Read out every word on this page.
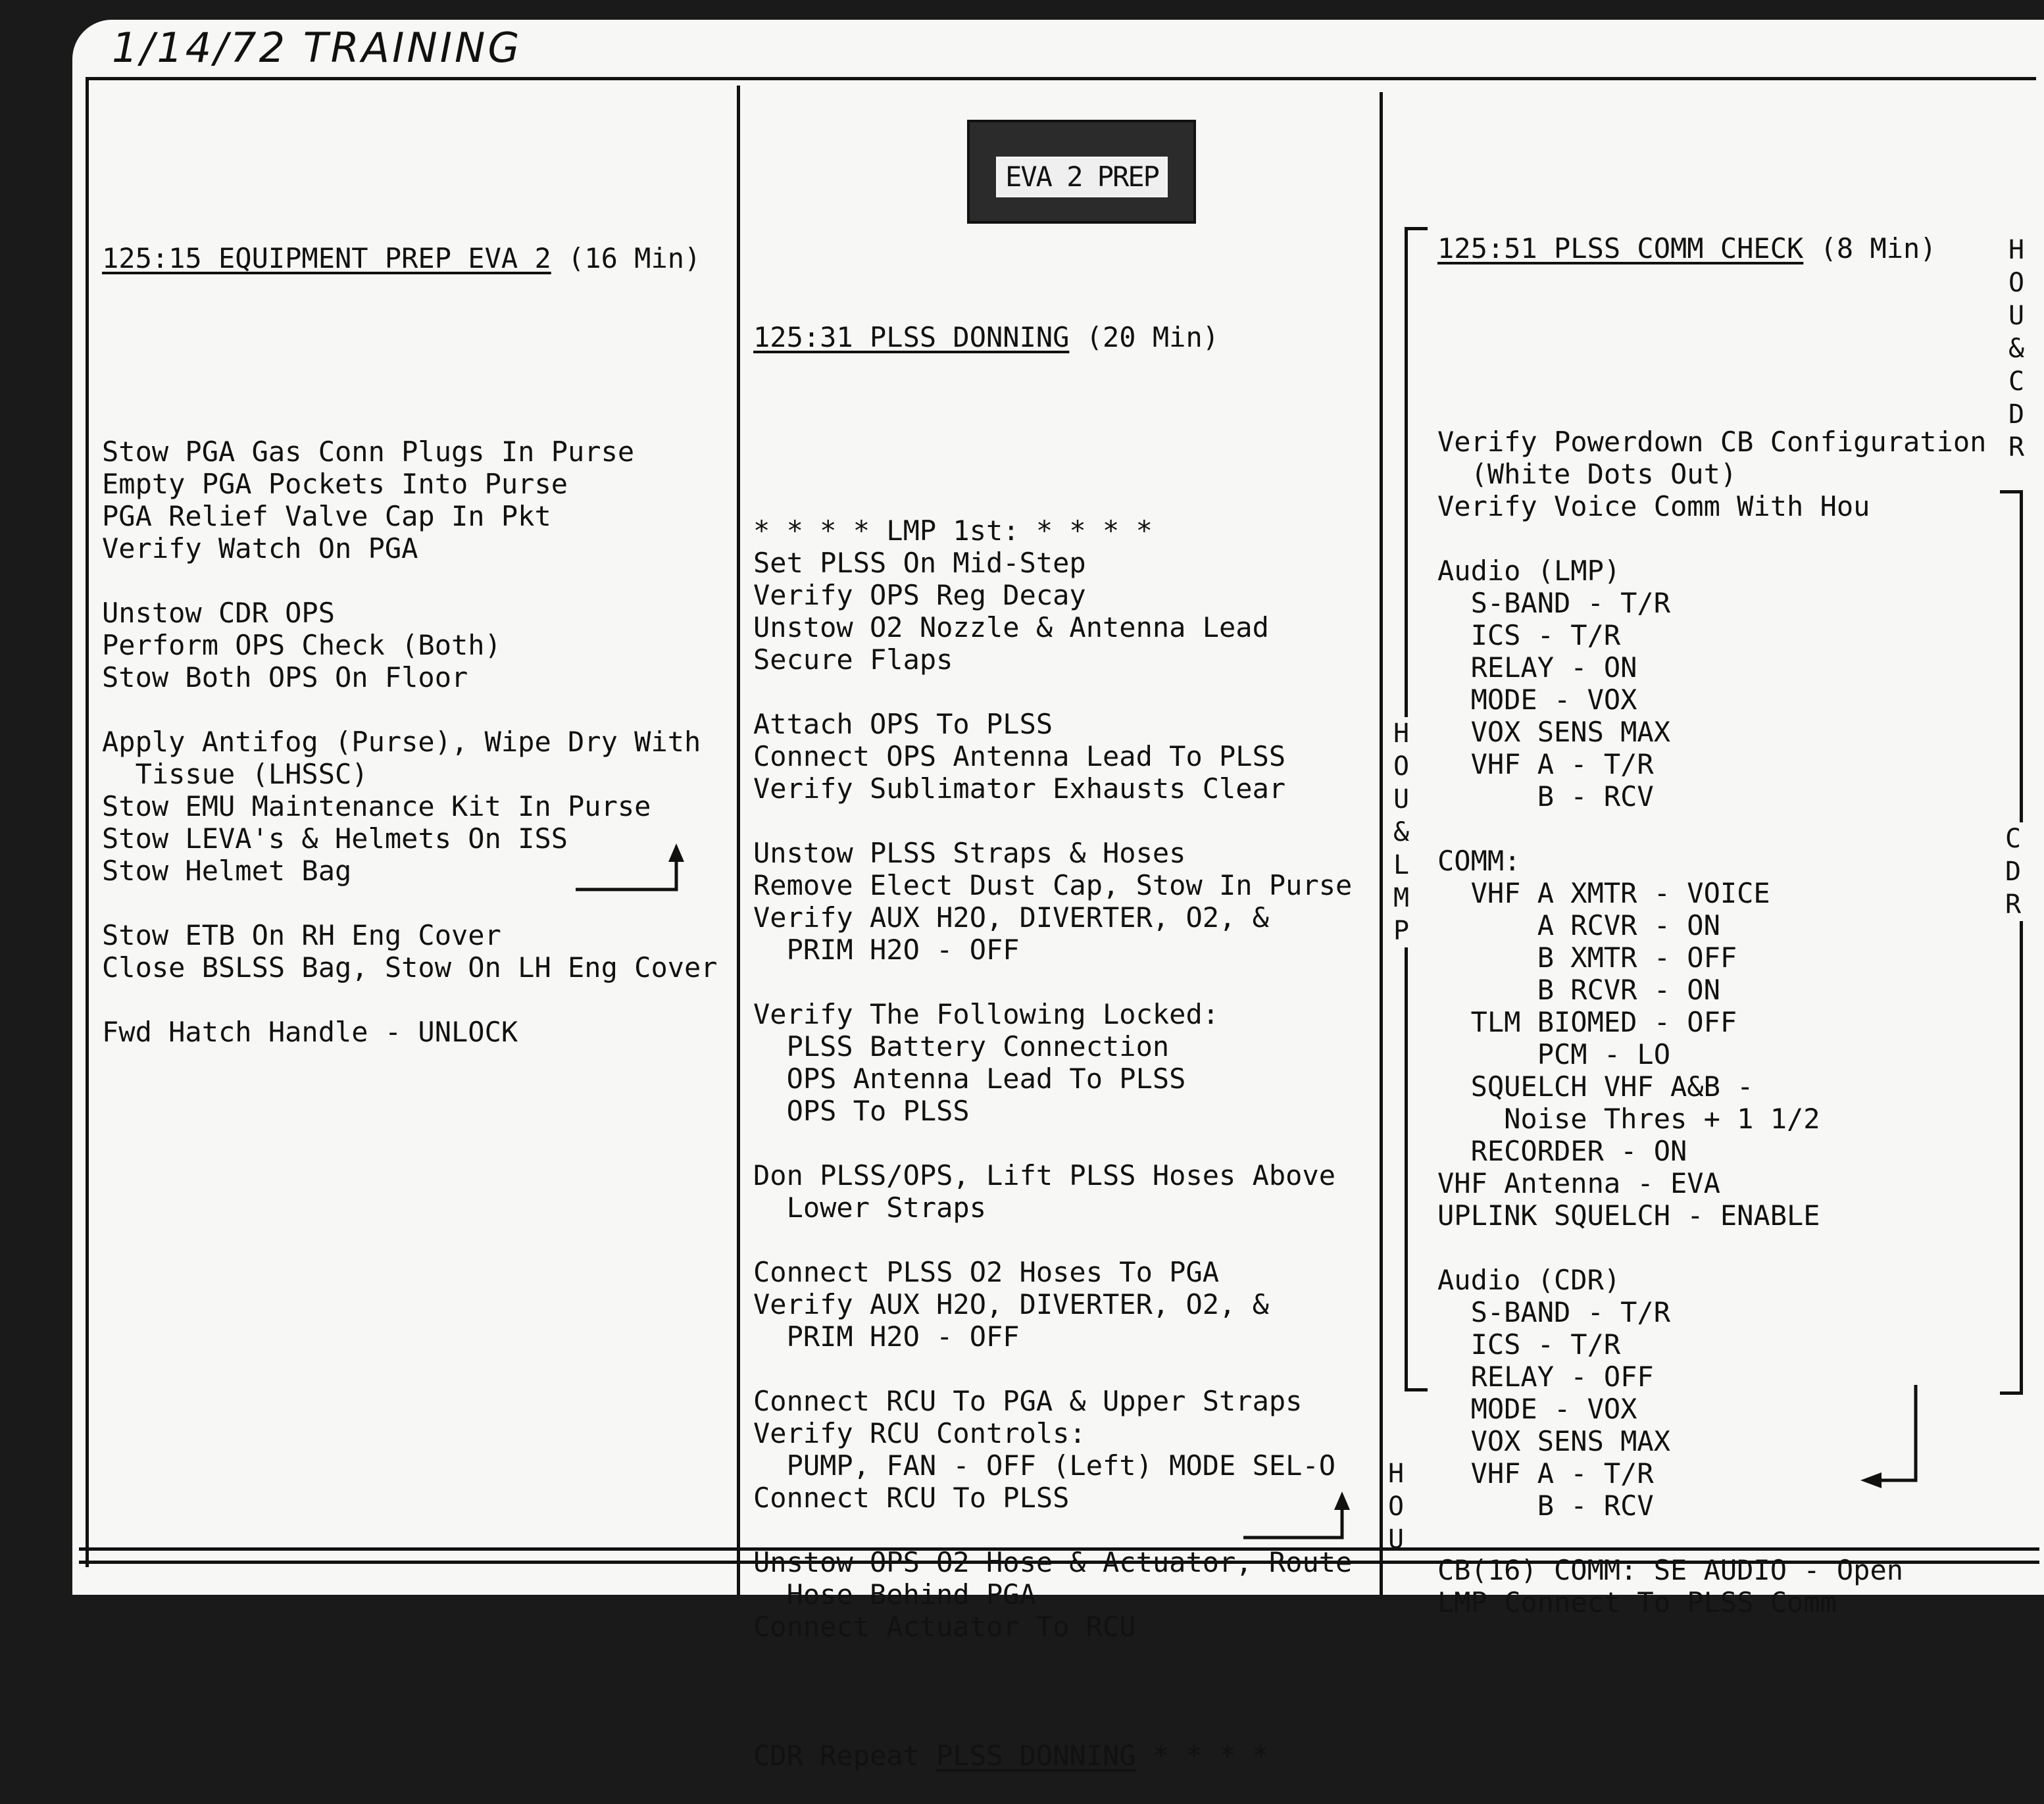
1/14/72 TRAINING
EVA 2 PREP

125:15 EQUIPMENT PREP EVA 2 (16 Min)

Stow PGA Gas Conn Plugs In Purse
Empty PGA Pockets Into Purse
PGA Relief Valve Cap In Pkt
Verify Watch On PGA
Unstow CDR OPS
Perform OPS Check (Both)
Stow Both OPS On Floor
Apply Antifog (Purse), Wipe Dry With
Tissue (LHSSC)
Stow EMU Maintenance Kit In Purse
Stow LEVA's & Helmets On ISS
Stow Helmet Bag
Stow ETB On RH Eng Cover
Close BSLSS Bag, Stow On LH Eng Cover
Fwd Hatch Handle - UNLOCK

125:31 PLSS DONNING (20 Min)

* * * * LMP 1st: * * * *
Set PLSS On Mid-Step
Verify OPS Reg Decay
Unstow O2 Nozzle & Antenna Lead
Secure Flaps
Attach OPS To PLSS
Connect OPS Antenna Lead To PLSS
Verify Sublimator Exhausts Clear
Unstow PLSS Straps & Hoses
Remove Elect Dust Cap, Stow In Purse
Verify AUX H2O, DIVERTER, O2, &
PRIM H2O - OFF
Verify The Following Locked:
PLSS Battery Connection
OPS Antenna Lead To PLSS
OPS To PLSS
Don PLSS/OPS, Lift PLSS Hoses Above
Lower Straps
Connect PLSS O2 Hoses To PGA
Verify AUX H2O, DIVERTER, O2, &
PRIM H2O - OFF
Connect RCU To PGA & Upper Straps
Verify RCU Controls:
PUMP, FAN - OFF (Left) MODE SEL-O
Connect RCU To PLSS
Unstow OPS O2 Hose & Actuator, Route
Hose Behind PGA
Connect Actuator To RCU

CDR Repeat PLSS DONNING * * * *

125:51 PLSS COMM CHECK (8 Min)

Verify Powerdown CB Configuration
(White Dots Out)
Verify Voice Comm With Hou
Audio (LMP)
S-BAND - T/R
ICS - T/R
RELAY - ON
MODE - VOX
VOX SENS MAX
VHF A - T/R
B - RCV
COMM:
VHF A XMTR - VOICE
A RCVR - ON
B XMTR - OFF
B RCVR - ON
TLM BIOMED - OFF
PCM - LO
SQUELCH VHF A&B -
Noise Thres + 1 1/2
RECORDER - ON
VHF Antenna - EVA
UPLINK SQUELCH - ENABLE
Audio (CDR)
S-BAND - T/R
ICS - T/R
RELAY - OFF
MODE - VOX
VOX SENS MAX
VHF A - T/R
B - RCV
CB(16) COMM: SE AUDIO - Open
LMP Connect To PLSS Comm

H
O
U
&
C
D
R
C
D
R
H
O
U
&
L
M
P
H
O
U
